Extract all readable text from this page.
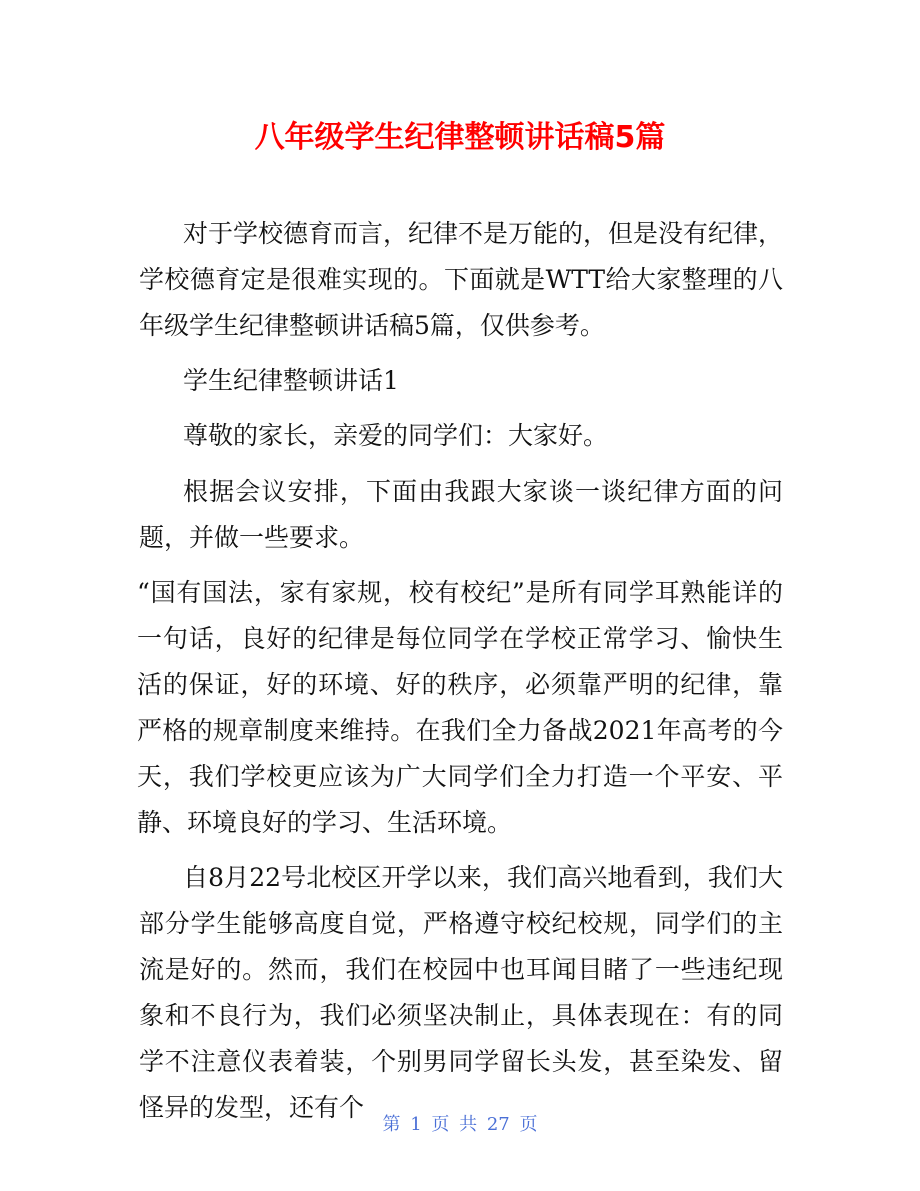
八年级学生纪律整顿讲话稿5篇

对于学校德育而言，纪律不是万能的，但是没有纪律，学校德育定是很难实现的。下面就是WTT给大家整理的八年级学生纪律整顿讲话稿5篇，仅供参考。

学生纪律整顿讲话1

尊敬的家长，亲爱的同学们：大家好。

根据会议安排，下面由我跟大家谈一谈纪律方面的问题，并做一些要求。

“国有国法，家有家规，校有校纪”是所有同学耳熟能详的一句话，良好的纪律是每位同学在学校正常学习、愉快生活的保证，好的环境、好的秩序，必须靠严明的纪律，靠严格的规章制度来维持。在我们全力备战2021年高考的今天，我们学校更应该为广大同学们全力打造一个平安、平静、环境良好的学习、生活环境。

自8月22号北校区开学以来，我们高兴地看到，我们大部分学生能够高度自觉，严格遵守校纪校规，同学们的主流是好的。然而，我们在校园中也耳闻目睹了一些违纪现象和不良行为，我们必须坚决制止，具体表现在：有的同学不注意仪表着装，个别男同学留长头发，甚至染发、留怪异的发型，还有个

第 1 页 共 27 页
